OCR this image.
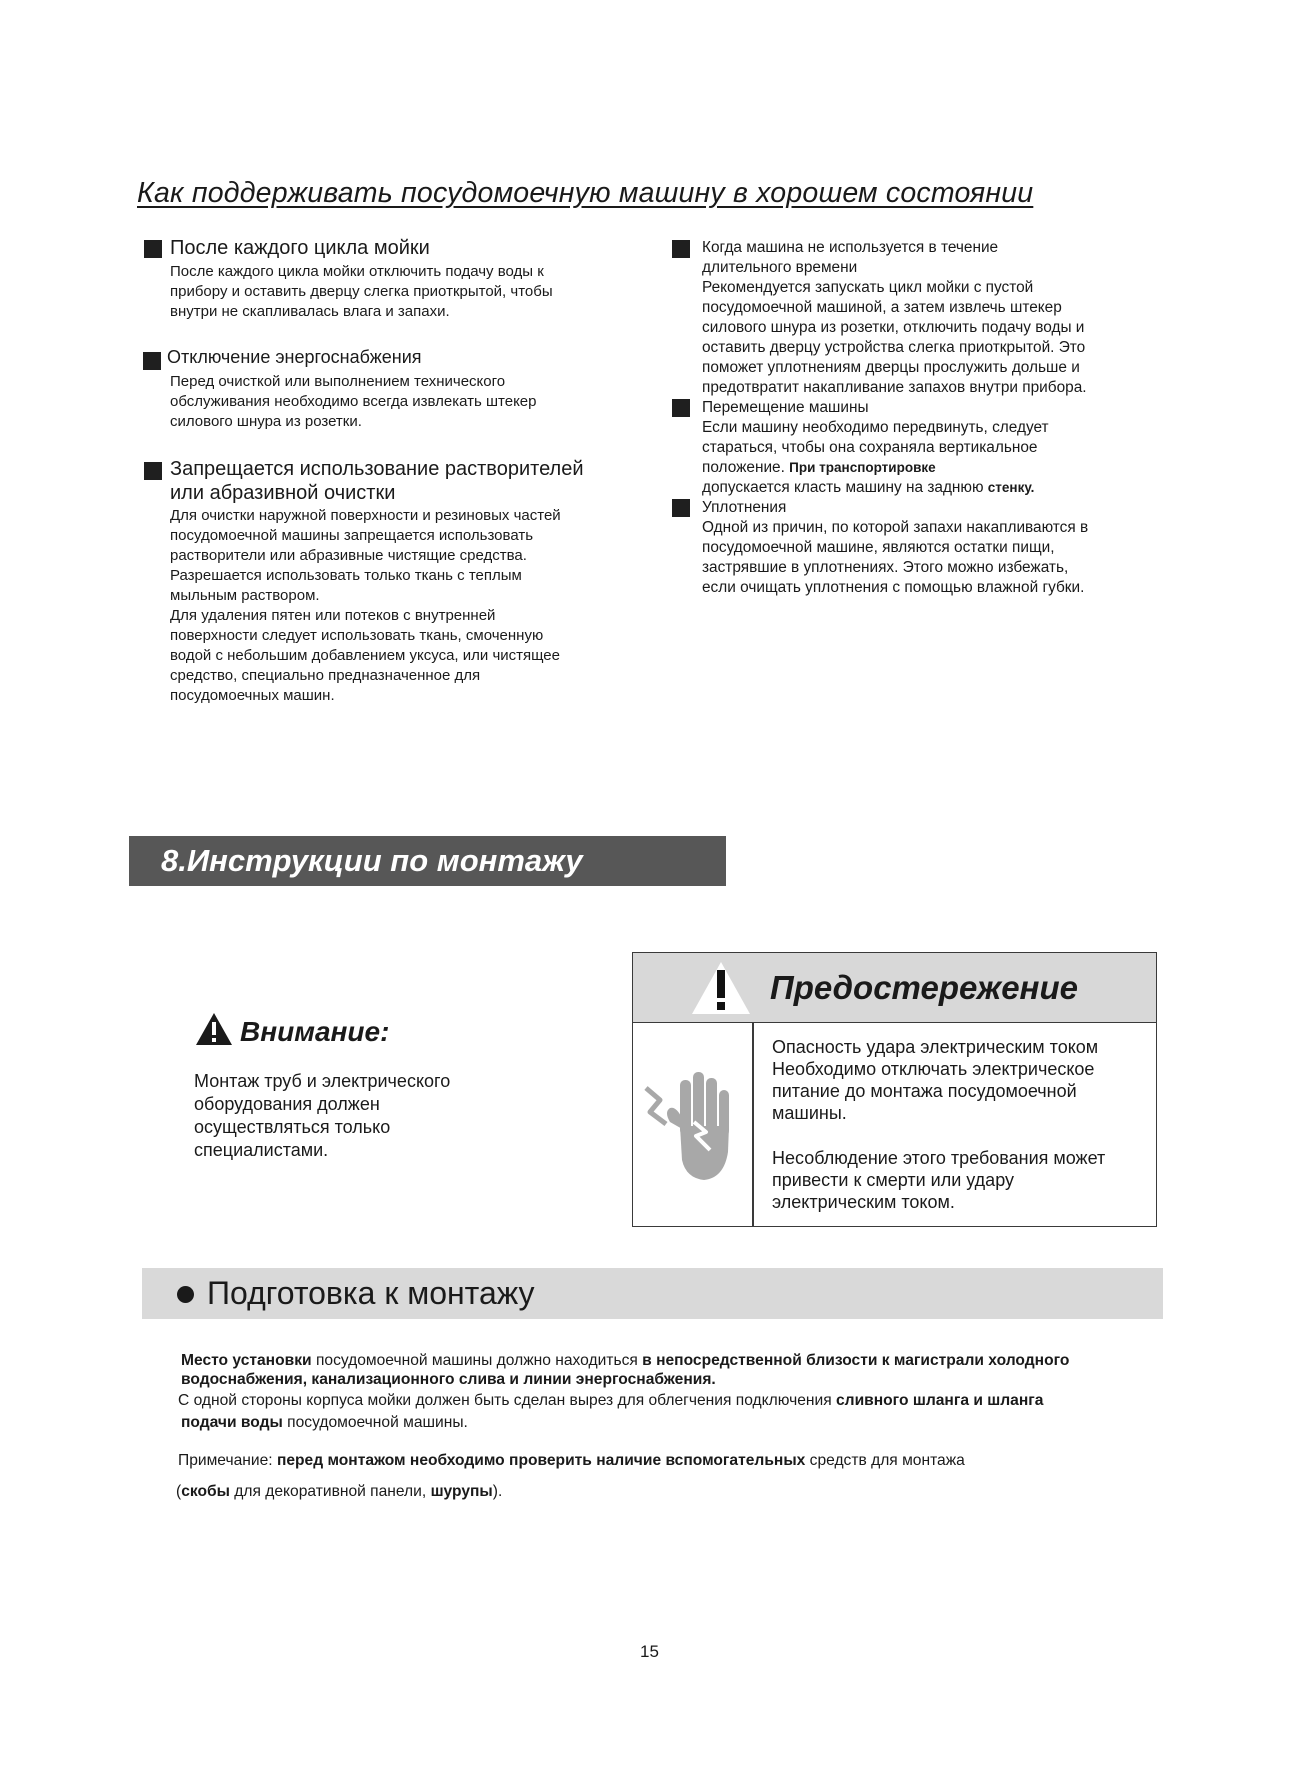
Как поддерживать посудомоечную машину в хорошем состоянии
После каждого цикла мойки
После каждого цикла мойки отключить подачу воды к
прибору и оставить дверцу слегка приоткрытой, чтобы
внутри не скапливалась влага и запахи.
Отключение энергоснабжения
Перед очисткой или выполнением технического
обслуживания необходимо всегда извлекать штекер
силового шнура из розетки.
Запрещается использование растворителей
или абразивной очистки
Для очистки наружной поверхности и резиновых частей
посудомоечной машины запрещается использовать
растворители или абразивные чистящие средства.
Разрешается использовать только ткань с теплым
мыльным раствором.
Для удаления пятен или потеков с внутренней
поверхности следует использовать ткань, смоченную
водой с небольшим добавлением уксуса, или чистящее
средство, специально предназначенное для
посудомоечных машин.
Когда машина не используется в течение
длительного времени
Рекомендуется запускать цикл мойки с пустой
посудомоечной машиной, а затем извлечь штекер
силового шнура из розетки, отключить подачу воды и
оставить дверцу устройства слегка приоткрытой. Это
поможет уплотнениям дверцы прослужить дольше и
предотвратит накапливание запахов внутри прибора.
Перемещение машины
Если машину необходимо передвинуть, следует
стараться, чтобы она сохраняла вертикальное
положение. При транспортировке
допускается класть машину на заднюю стенку.
Уплотнения
Одной из причин, по которой запахи накапливаются в
посудомоечной машине, являются остатки пищи,
застрявшие в уплотнениях. Этого можно избежать,
если очищать уплотнения с помощью влажной губки.
8.Инструкции по монтажу
Внимание:
Монтаж труб и электрического
оборудования должен
осуществляться только
специалистами.
Предостережение
Опасность удара электрическим током
Необходимо отключать электрическое
питание до монтажа посудомоечной
машины.
Несоблюдение этого требования может
привести к смерти или удару
электрическим током.
Подготовка к монтажу
Место установки посудомоечной машины должно находиться в непосредственной близости к магистрали холодного
водоснабжения, канализационного слива и линии энергоснабжения.
С одной стороны корпуса мойки должен быть сделан вырез для облегчения подключения сливного шланга и шланга
подачи воды посудомоечной машины.
Примечание: перед монтажом необходимо проверить наличие вспомогательных средств для монтажа
(скобы для декоративной панели, шурупы).
15
